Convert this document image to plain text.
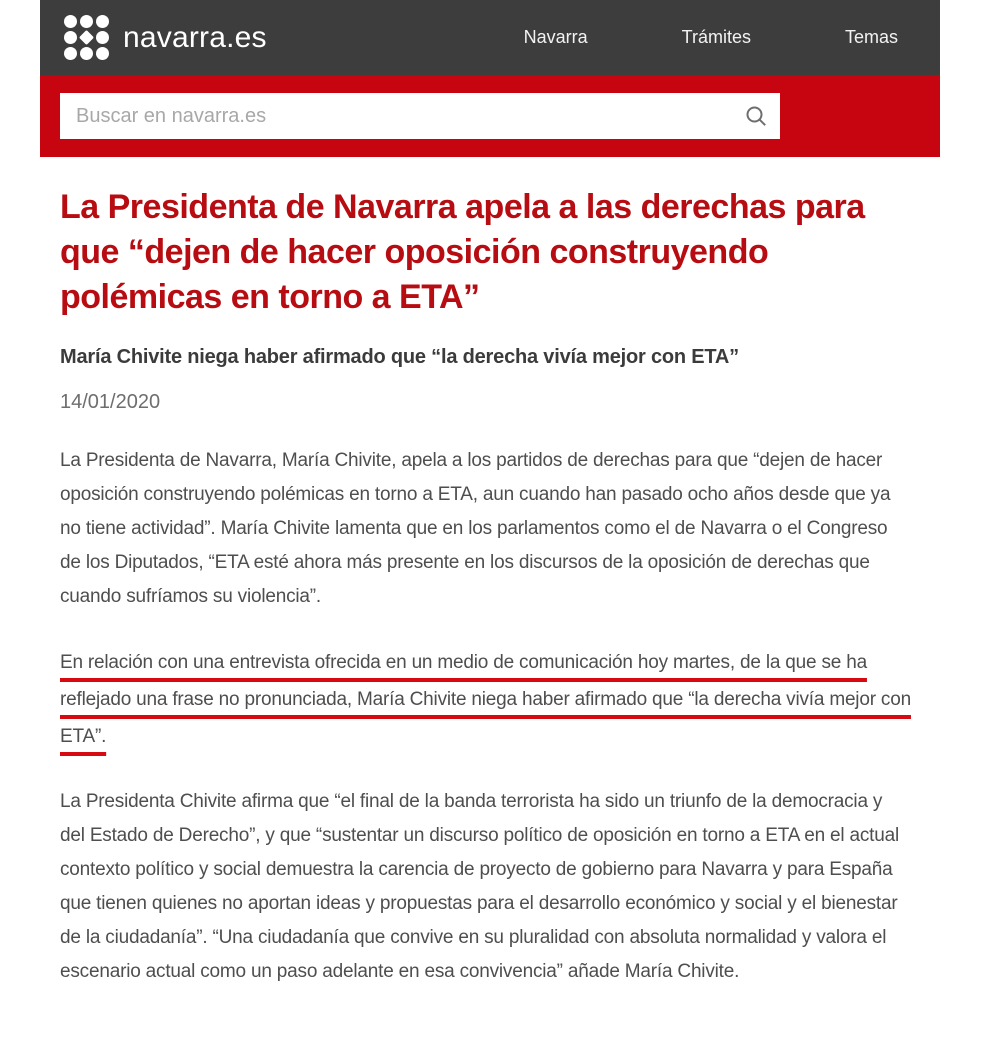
navarra.es	Navarra	Trámites	Temas
Buscar en navarra.es
La Presidenta de Navarra apela a las derechas para que “dejen de hacer oposición construyendo polémicas en torno a ETA”
María Chivite niega haber afirmado que “la derecha vivía mejor con ETA”
14/01/2020

La Presidenta de Navarra, María Chivite, apela a los partidos de derechas para que “dejen de hacer oposición construyendo polémicas en torno a ETA, aun cuando han pasado ocho años desde que ya no tiene actividad”. María Chivite lamenta que en los parlamentos como el de Navarra o el Congreso de los Diputados, “ETA esté ahora más presente en los discursos de la oposición de derechas que cuando sufríamos su violencia”.

En relación con una entrevista ofrecida en un medio de comunicación hoy martes, de la que se ha reflejado una frase no pronunciada, María Chivite niega haber afirmado que “la derecha vivía mejor con ETA”.

La Presidenta Chivite afirma que “el final de la banda terrorista ha sido un triunfo de la democracia y del Estado de Derecho”, y que “sustentar un discurso político de oposición en torno a ETA en el actual contexto político y social demuestra la carencia de proyecto de gobierno para Navarra y para España que tienen quienes no aportan ideas y propuestas para el desarrollo económico y social y el bienestar de la ciudadanía”. “Una ciudadanía que convive en su pluralidad con absoluta normalidad y valora el escenario actual como un paso adelante en esa convivencia” añade María Chivite.
